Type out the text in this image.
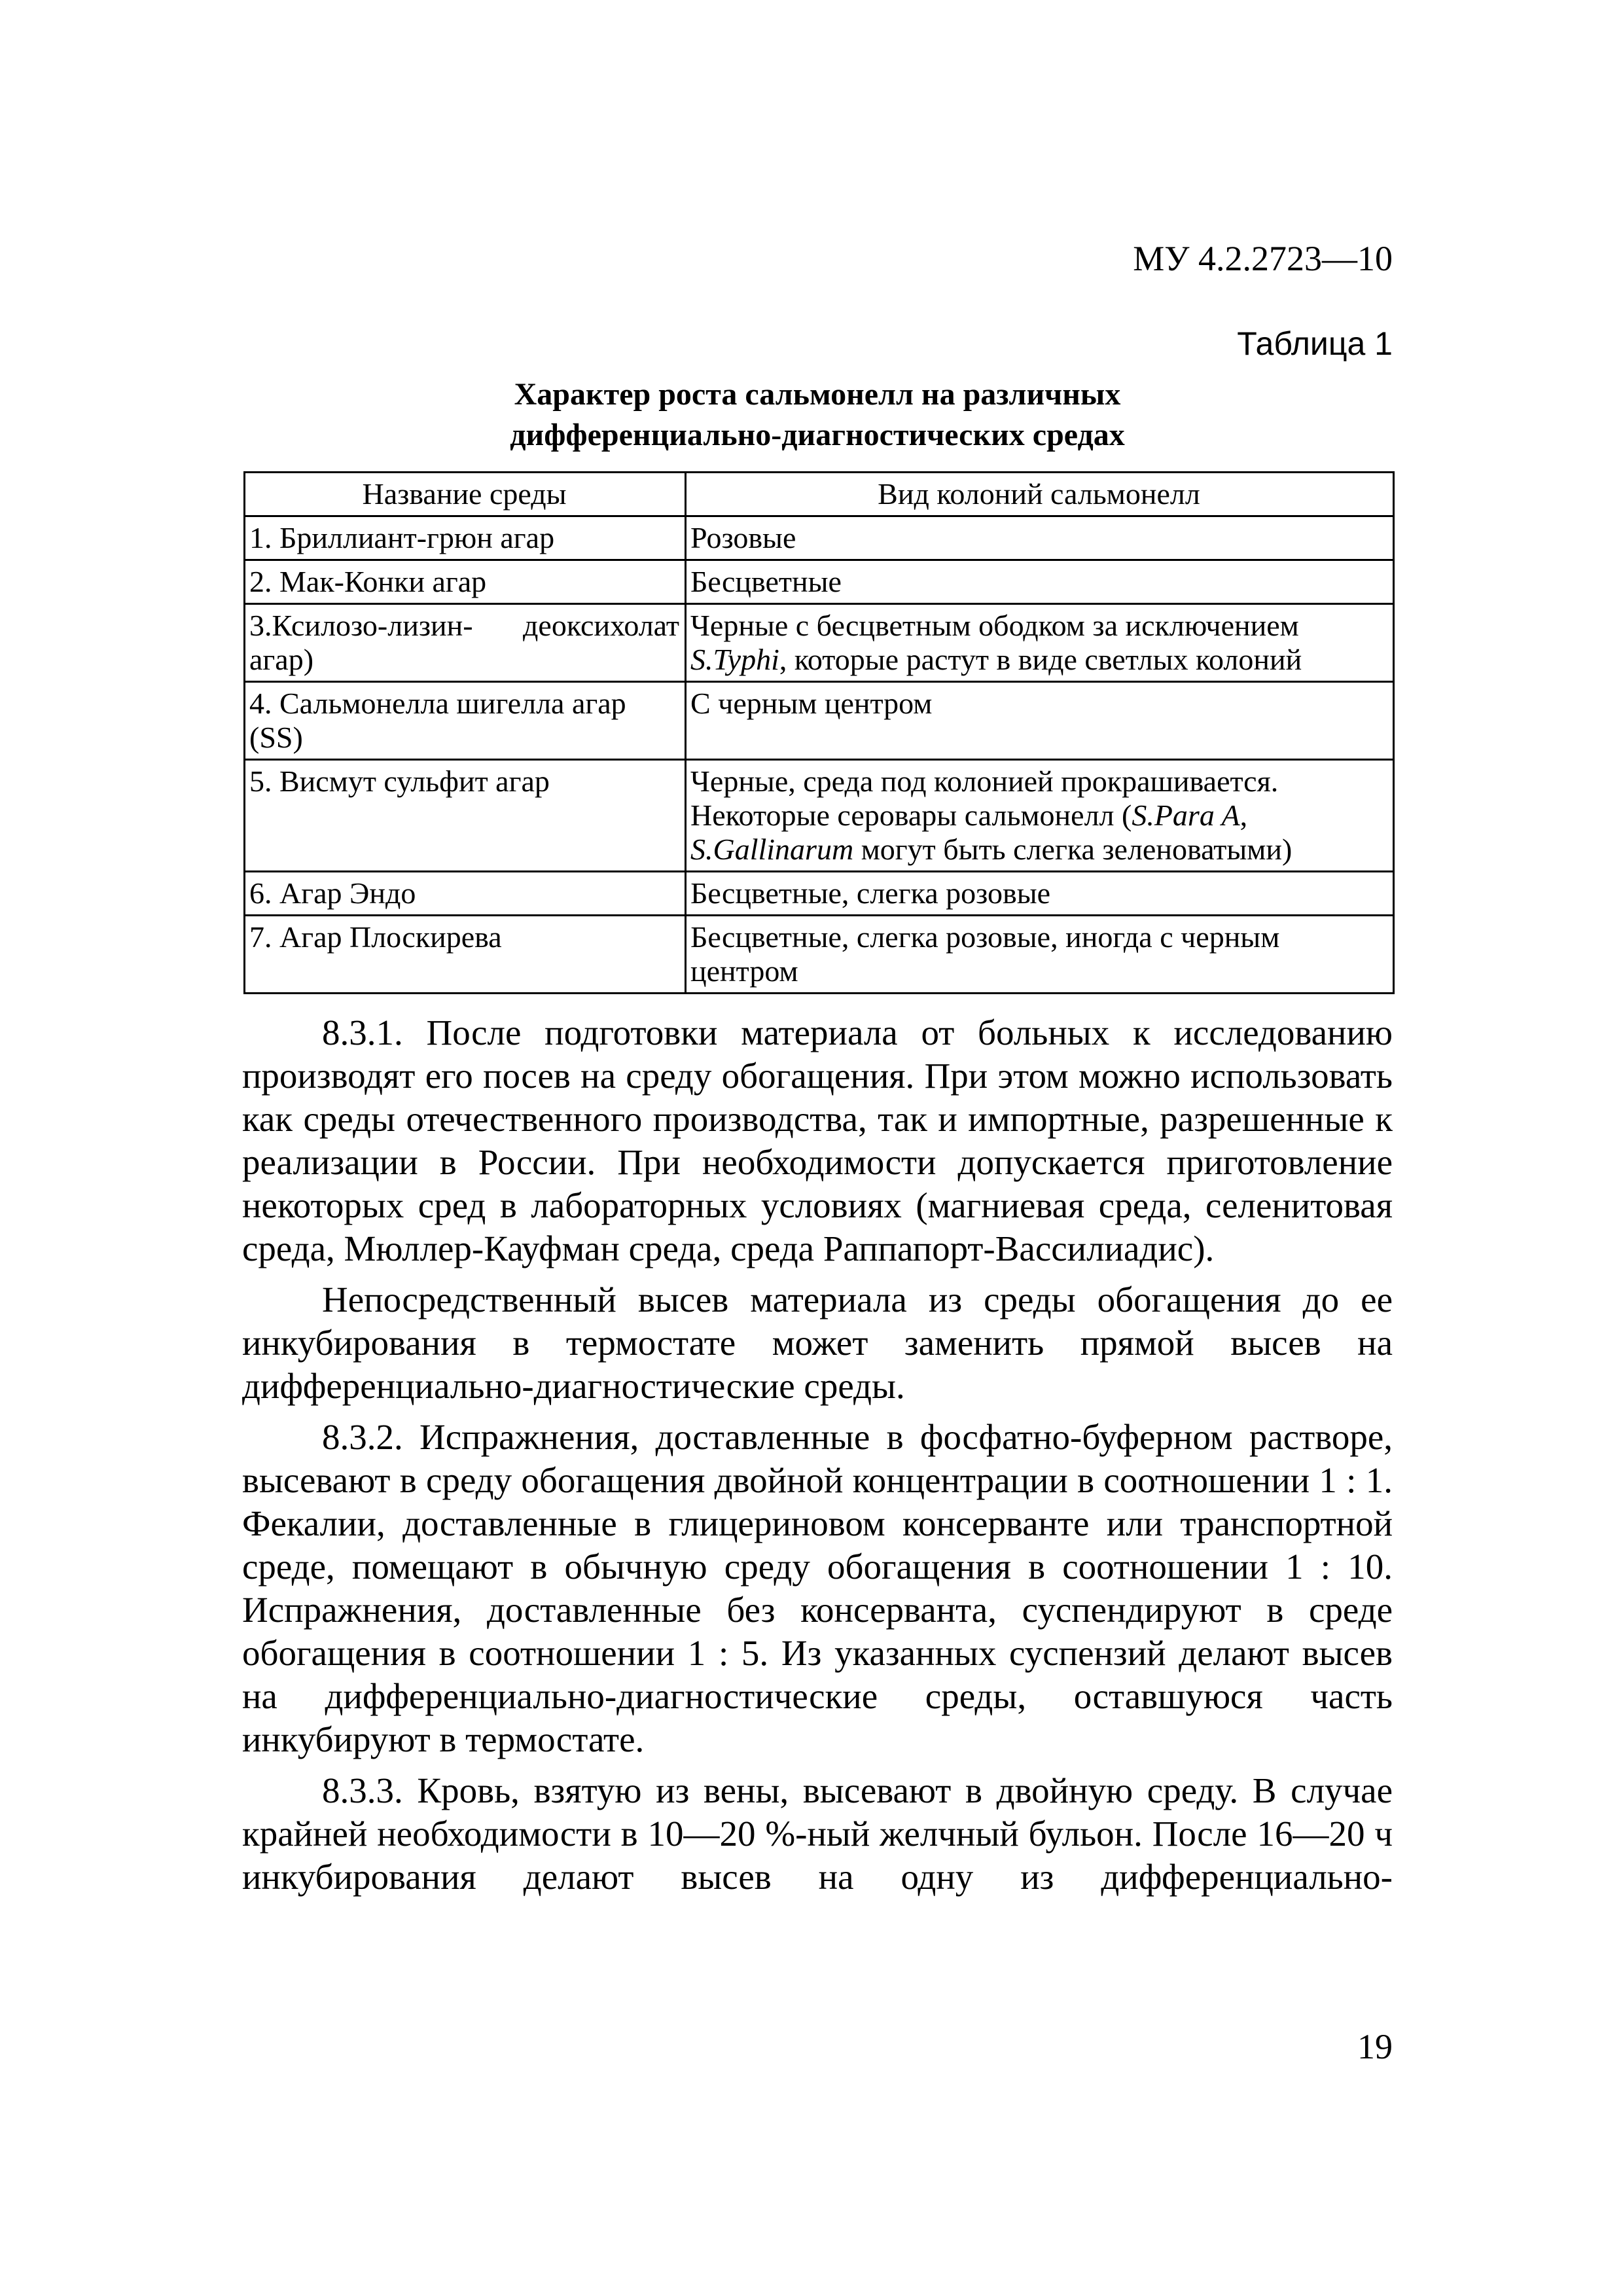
МУ 4.2.2723—10
Таблица 1
Характер роста сальмонелл на различных
дифференциально-диагностических средах
Название среды	Вид колоний сальмонелл
1. Бриллиант-грюн агар	Розовые
2. Мак-Конки агар	Бесцветные

3.Ксилозо-лизин- деоксихолат агар)	Черные с бесцветным ободком за исключением S.Typhi, которые растут в виде светлых колоний
4. Сальмонелла шигелла агар (SS)	С черным центром
5. Висмут сульфит агар	Черные, среда под колонией прокрашивается. Некоторые серовары сальмонелл (S.Para A, S.Gallinarum могут быть слегка зеленоватыми)
6. Агар Эндо	Бесцветные, слегка розовые
7. Агар Плоскирева	Бесцветные, слегка розовые, иногда с черным центром

8.3.1. После подготовки материала от больных к исследованию производят его посев на среду обогащения. При этом можно использовать как среды отечественного производства, так и импортные, разрешенные к реализации в России. При необходимости допускается приготовление некоторых сред в лабораторных условиях (магниевая среда, селенитовая среда, Мюллер-Кауфман среда, среда Раппапорт-Вассилиадис).

Непосредственный высев материала из среды обогащения до ее инкубирования в термостате может заменить прямой высев на дифференциально-диагностические среды.

8.3.2. Испражнения, доставленные в фосфатно-буферном растворе, высевают в среду обогащения двойной концентрации в соотношении 1 : 1. Фекалии, доставленные в глицериновом консерванте или транспортной среде, помещают в обычную среду обогащения в соотношении 1 : 10. Испражнения, доставленные без консерванта, суспендируют в среде обогащения в соотношении 1 : 5. Из указанных суспензий делают высев на дифференциально-диагностические среды, оставшуюся часть инкубируют в термостате.

8.3.3. Кровь, взятую из вены, высевают в двойную среду. В случае крайней необходимости в 10—20 %-ный желчный бульон. После 16—20 ч инкубирования делают высев на одну из дифференциально-

19
